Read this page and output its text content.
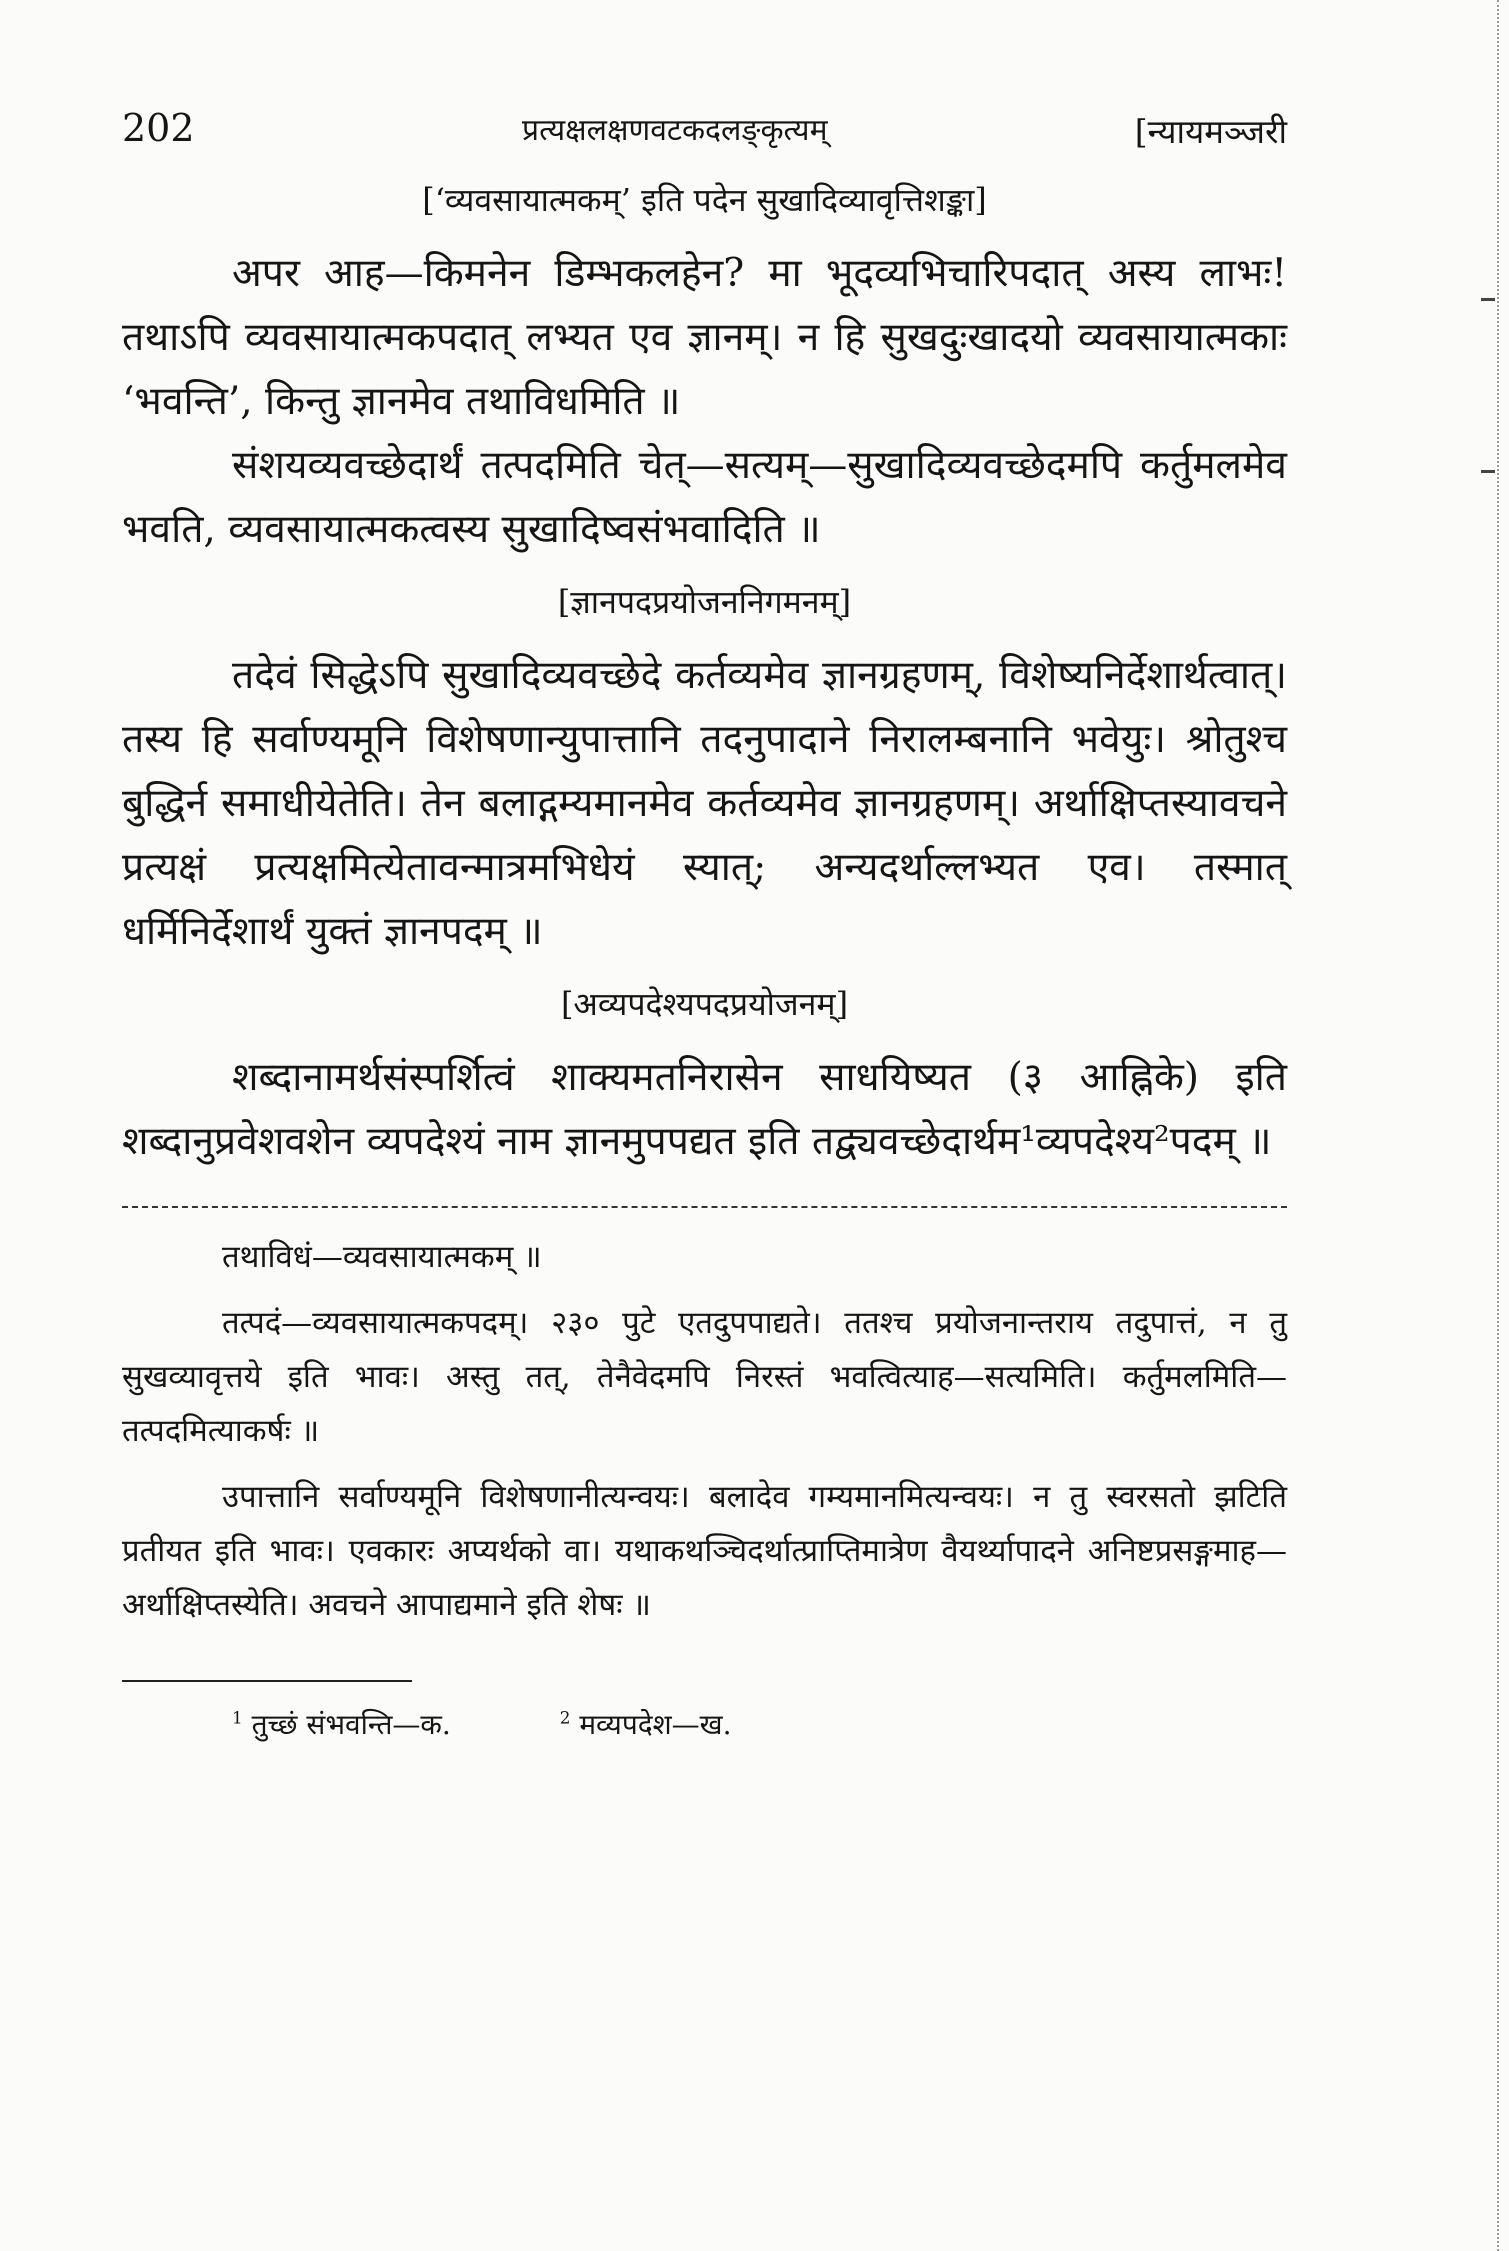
202	प्रत्यक्षलक्षणवटकदलङ्कृत्यम्	[न्यायमञ्जरी
[‘व्यवसायात्मकम्’ इति पदेन सुखादिव्यावृत्तिशङ्का]

अपर आह—किमनेन डिम्भकलहेन? मा भूदव्यभिचारिपदात् अस्य लाभः! तथाऽपि व्यवसायात्मकपदात् लभ्यत एव ज्ञानम्। न हि सुखदुःखादयो व्यवसायात्मकाः ‘भवन्ति’, किन्तु ज्ञानमेव तथाविधमिति ॥

संशयव्यवच्छेदार्थं तत्पदमिति चेत्—सत्यम्—सुखादिव्यवच्छेदमपि कर्तुमलमेव भवति, व्यवसायात्मकत्वस्य सुखादिष्वसंभवादिति ॥

[ज्ञानपदप्रयोजननिगमनम्]

तदेवं सिद्धेऽपि सुखादिव्यवच्छेदे कर्तव्यमेव ज्ञानग्रहणम्, विशेष्यनिर्देशार्थत्वात्। तस्य हि सर्वाण्यमूनि विशेषणान्युपात्तानि तदनुपादाने निरालम्बनानि भवेयुः। श्रोतुश्च बुद्धिर्न समाधीयेतेति। तेन बलाद्गम्यमानमेव कर्तव्यमेव ज्ञानग्रहणम्। अर्थाक्षिप्तस्यावचने प्रत्यक्षं प्रत्यक्षमित्येतावन्मात्रमभिधेयं स्यात्; अन्यदर्थाल्लभ्यत एव। तस्मात् धर्मिनिर्देशार्थं युक्तं ज्ञानपदम् ॥

[अव्यपदेश्यपदप्रयोजनम्]

शब्दानामर्थसंस्पर्शित्वं शाक्यमतनिरासेन साधयिष्यत (३ आह्निके) इति शब्दानुप्रवेशवशेन व्यपदेश्यं नाम ज्ञानमुपपद्यत इति तद्व्यवच्छेदार्थम¹व्यपदेश्य²पदम् ॥

तथाविधं—व्यवसायात्मकम् ॥

तत्पदं—व्यवसायात्मकपदम्। २३० पुटे एतदुपपाद्यते। ततश्च प्रयोजनान्तराय तदुपात्तं, न तु सुखव्यावृत्तये इति भावः। अस्तु तत्, तेनैवेदमपि निरस्तं भवत्वित्याह—सत्यमिति। कर्तुमलमिति—तत्पदमित्याकर्षः ॥

उपात्तानि सर्वाण्यमूनि विशेषणानीत्यन्वयः। बलादेव गम्यमानमित्यन्वयः। न तु स्वरसतो झटिति प्रतीयत इति भावः। एवकारः अप्यर्थको वा। यथाकथञ्चिदर्थात्प्राप्तिमात्रेण वैयर्थ्यापादने अनिष्टप्रसङ्गमाह—अर्थाक्षिप्तस्येति। अवचने आपाद्यमाने इति शेषः ॥

$^1$ तुच्छं संभवन्ति—क.	$^2$ मव्यपदेश—ख.
